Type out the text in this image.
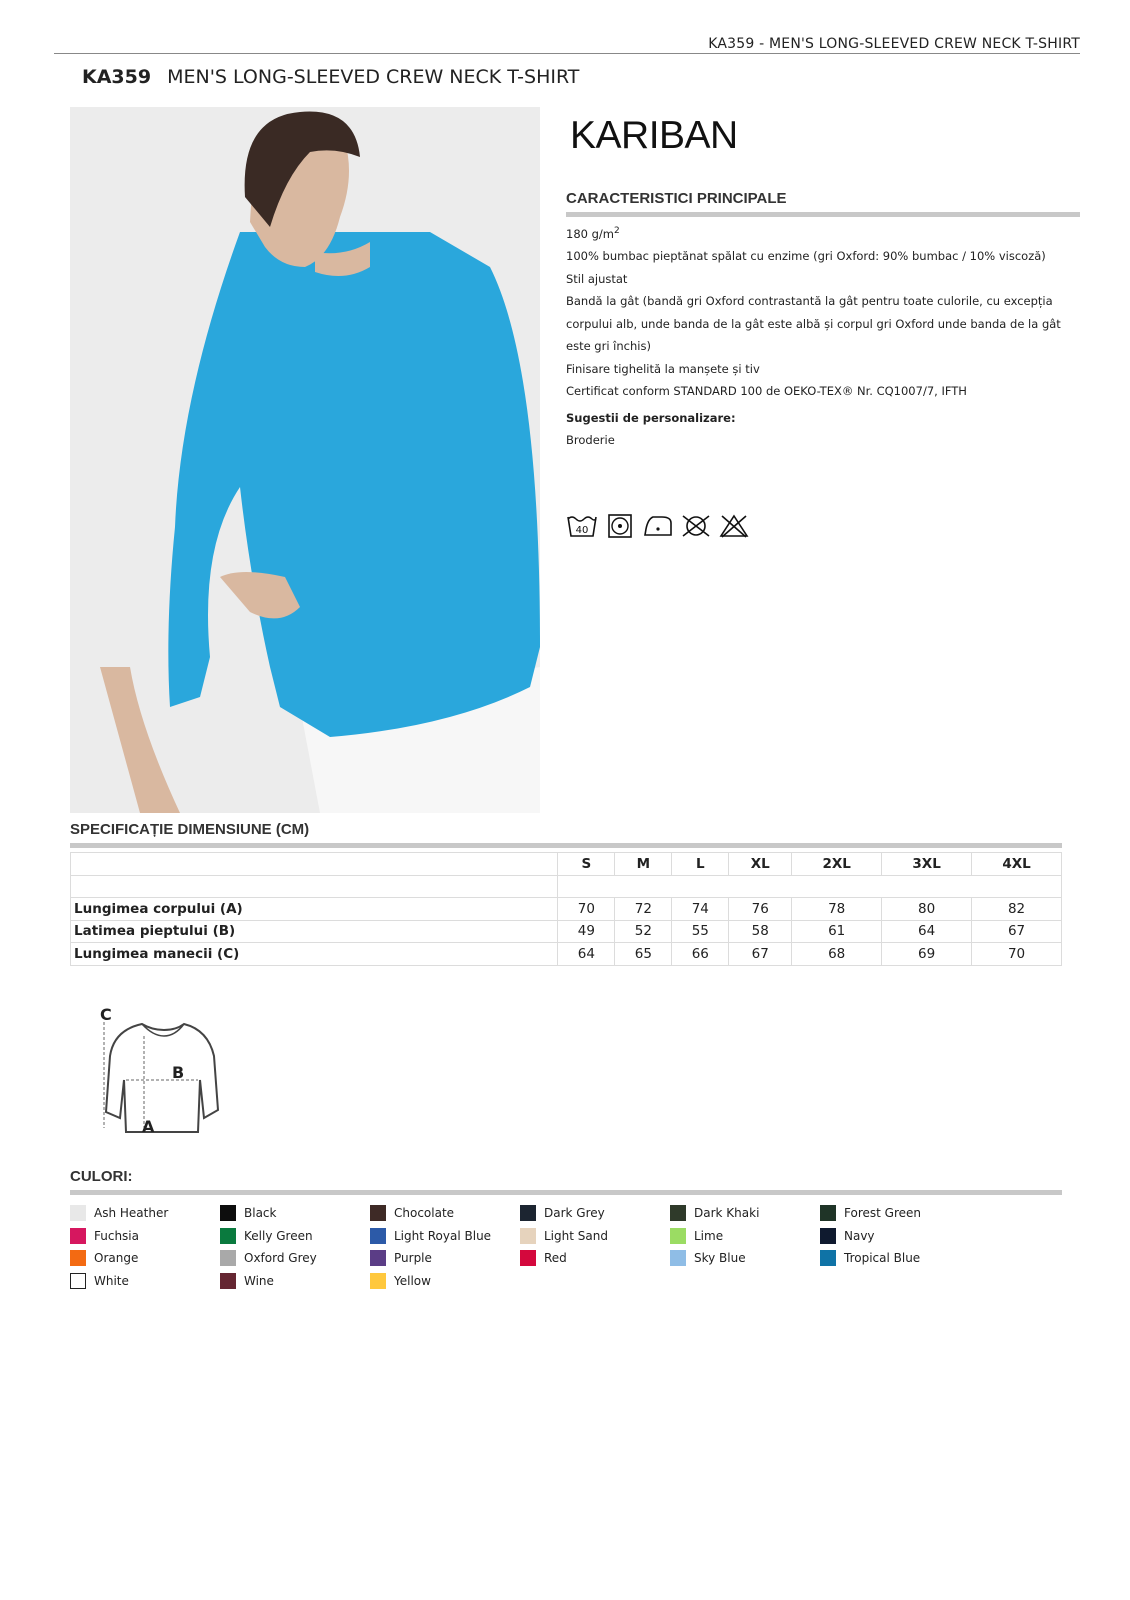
KA359 - MEN'S LONG-SLEEVED CREW NECK T-SHIRT
KA359 MEN'S LONG-SLEEVED CREW NECK T-SHIRT
KARIBAN
CARACTERISTICI PRINCIPALE
180 $g/m^2$
100% bumbac pieptănat spălat cu enzime (gri Oxford: 90% bumbac / 10% viscoză)
Stil ajustat
Bandă la gât (bandă gri Oxford contrastantă la gât pentru toate culorile, cu excepția corpului alb, unde banda de la gât este albă și corpul gri Oxford unde banda de la gât este gri închis)
Finisare tighelită la manșete și tiv
Certificat conform STANDARD 100 de OEKO-TEX® Nr. CQ1007/7, IFTH
Sugestii de personalizare:
Broderie
40
SPECIFICAȚIE DIMENSIUNE (CM)
	S	M	L	XL	2XL	3XL	4XL

Lungimea corpului (A)	70	72	74	76	78	80	82
Latimea pieptului (B)	49	52	55	58	61	64	67
Lungimea manecii (C)	64	65	66	67	68	69	70
C
B
A
CULORI:
Ash Heather	Black	Chocolate	Dark Grey	Dark Khaki	Forest Green
Fuchsia	Kelly Green	Light Royal Blue	Light Sand	Lime	Navy
Orange	Oxford Grey	Purple	Red	Sky Blue	Tropical Blue
White	Wine	Yellow
